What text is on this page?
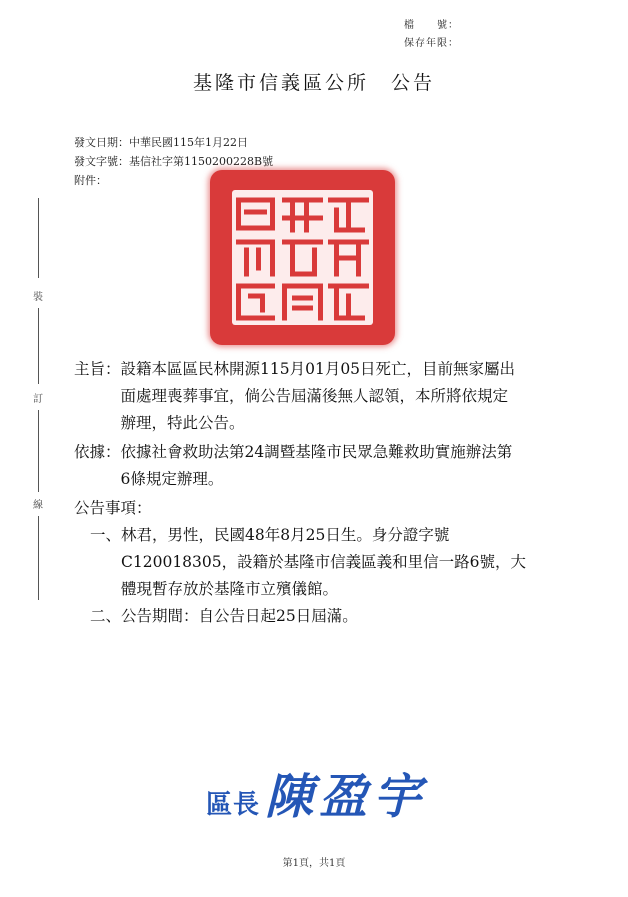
檔　　號：
保存年限：
基隆市信義區公所　公告
發文日期：中華民國115年1月22日
發文字號：基信社字第1150200228B號
附件：
裝
訂
線
主旨： 設籍本區區民林開源115月01月05日死亡，目前無家屬出
面處理喪葬事宜，倘公告屆滿後無人認領，本所將依規定
辦理，特此公告。
依據： 依據社會救助法第24調暨基隆市民眾急難救助實施辦法第
6條規定辦理。
公告事項：
一、 林君，男性，民國48年8月25日生。身分證字號
C120018305，設籍於基隆市信義區義和里信一路6號，大
體現暫存放於基隆市立殯儀館。
二、 公告期間：自公告日起25日屆滿。
區長 陳盈宇
第1頁，共1頁
